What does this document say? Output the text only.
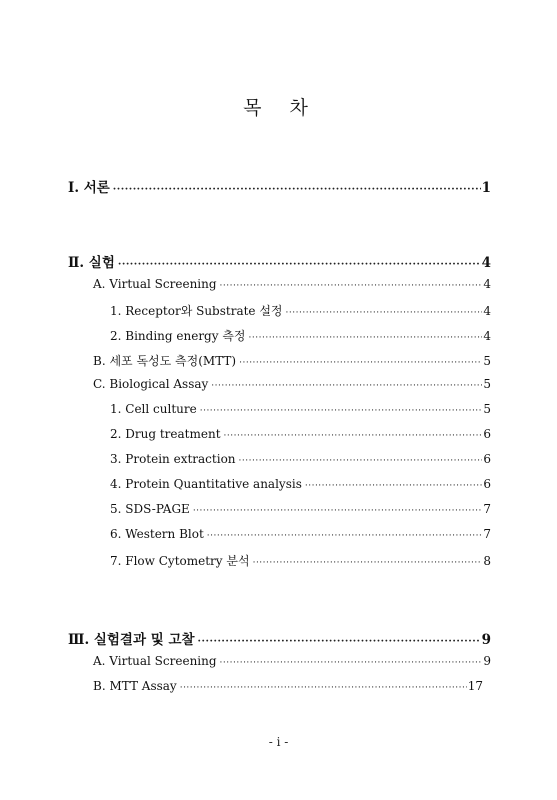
목 차
Ⅰ. 서론 ·····	1
Ⅱ. 실험 ·····	4
A. Virtual Screening ·····	4
1. Receptor와 Substrate 설정 ·····	4
2. Binding energy 측정 ·····	4
B. 세포 독성도 측정(MTT) ·····	5
C. Biological Assay ·····	5
1. Cell culture ·····	5
2. Drug treatment ·····	6
3. Protein extraction ·····	6
4. Protein Quantitative analysis ·····	6
5. SDS-PAGE ·····	7
6. Western Blot ·····	7
7. Flow Cytometry 분석 ·····	8
Ⅲ. 실험결과 및 고찰 ·····	9
A. Virtual Screening ·····	9
B. MTT Assay ·····	17
- i -
